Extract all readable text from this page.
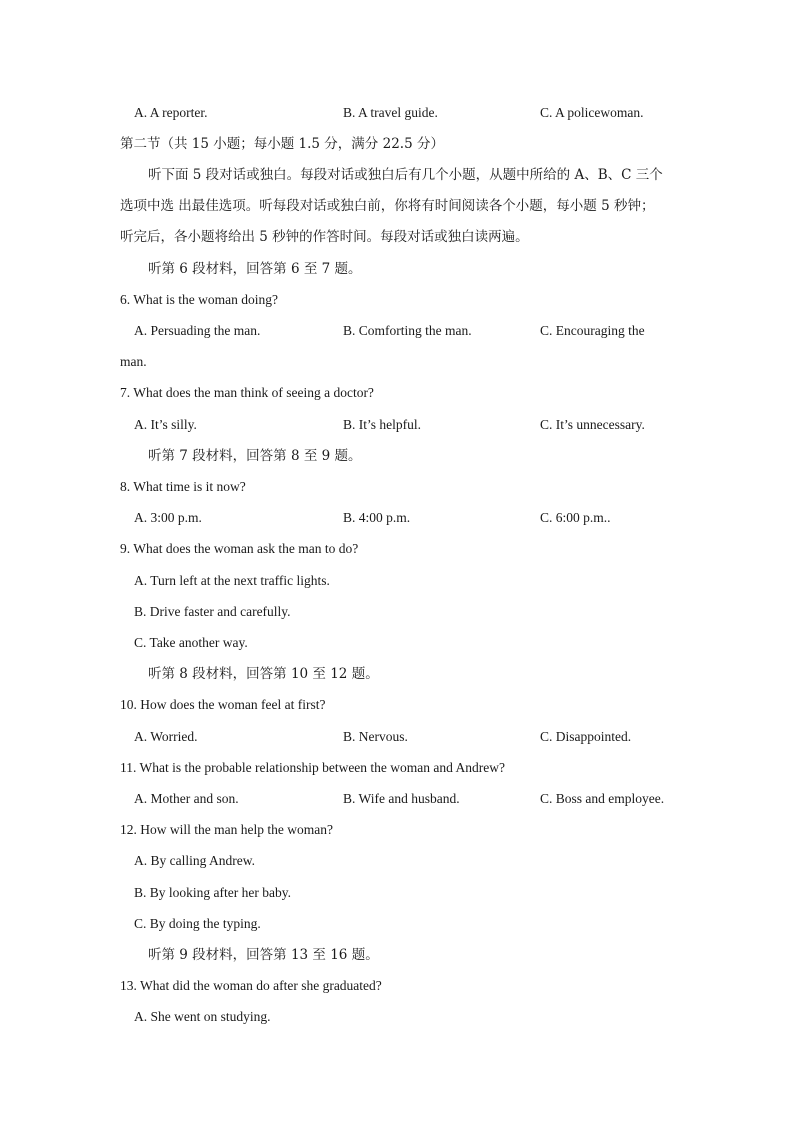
A. A reporter.	B. A travel guide.	C. A policewoman.
第二节（共 15 小题；每小题 1.5 分，满分 22.5 分）
听下面 5 段对话或独白。每段对话或独白后有几个小题，从题中所给的 A、B、C 三个
选项中选 出最佳选项。听每段对话或独白前，你将有时间阅读各个小题，每小题 5 秒钟；
听完后，各小题将给出 5 秒钟的作答时间。每段对话或独白读两遍。
听第 6 段材料，回答第 6 至 7 题。
6. What is the woman doing?
A. Persuading the man.	B. Comforting the man.	C. Encouraging the
man.
7. What does the man think of seeing a doctor?
A. It’s silly.	B. It’s helpful.	C. It’s unnecessary.
听第 7 段材料，回答第 8 至 9 题。
8. What time is it now?
A. 3:00 p.m.	B. 4:00 p.m.	C. 6:00 p.m..
9. What does the woman ask the man to do?
A. Turn left at the next traffic lights.
B. Drive faster and carefully.
C. Take another way.
听第 8 段材料，回答第 10 至 12 题。
10. How does the woman feel at first?
A. Worried.	B. Nervous.	C. Disappointed.
11. What is the probable relationship between the woman and Andrew?
A. Mother and son.	B. Wife and husband.	C. Boss and employee.
12. How will the man help the woman?
A. By calling Andrew.
B. By looking after her baby.
C. By doing the typing.
听第 9 段材料，回答第 13 至 16 题。
13. What did the woman do after she graduated?
A. She went on studying.
